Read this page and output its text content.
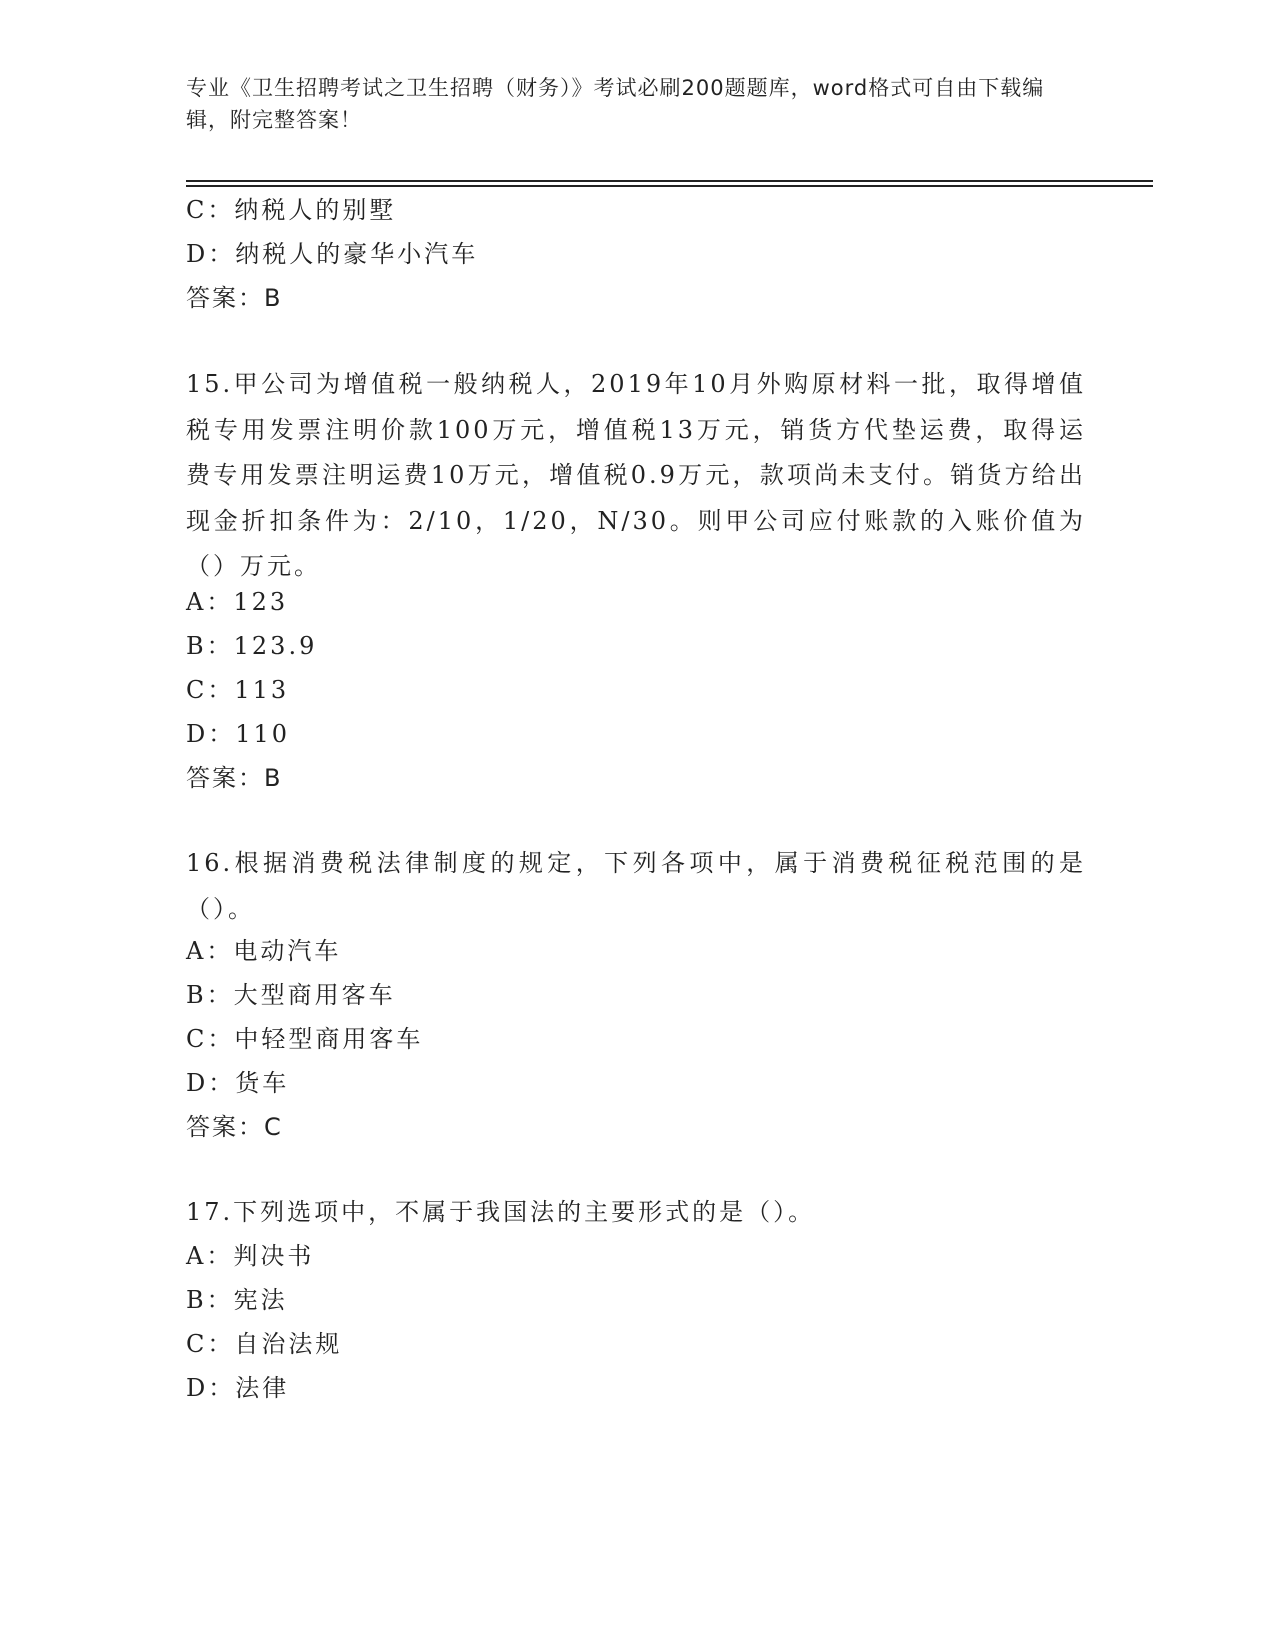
专业《卫生招聘考试之卫生招聘（财务）》考试必刷200题题库，word格式可自由下载编辑，附完整答案！
C：纳税人的别墅
D：纳税人的豪华小汽车
答案：B
15.甲公司为增值税一般纳税人，2019年10月外购原材料一批，取得增值税专用发票注明价款100万元，增值税13万元，销货方代垫运费，取得运费专用发票注明运费10万元，增值税0.9万元，款项尚未支付。销货方给出现金折扣条件为：2/10，1/20，N/30。则甲公司应付账款的入账价值为（）万元。
A：123
B：123.9
C：113
D：110
答案：B
16.根据消费税法律制度的规定，下列各项中，属于消费税征税范围的是（）。
A：电动汽车
B：大型商用客车
C：中轻型商用客车
D：货车
答案：C
17.下列选项中，不属于我国法的主要形式的是（）。
A：判决书
B：宪法
C：自治法规
D：法律
